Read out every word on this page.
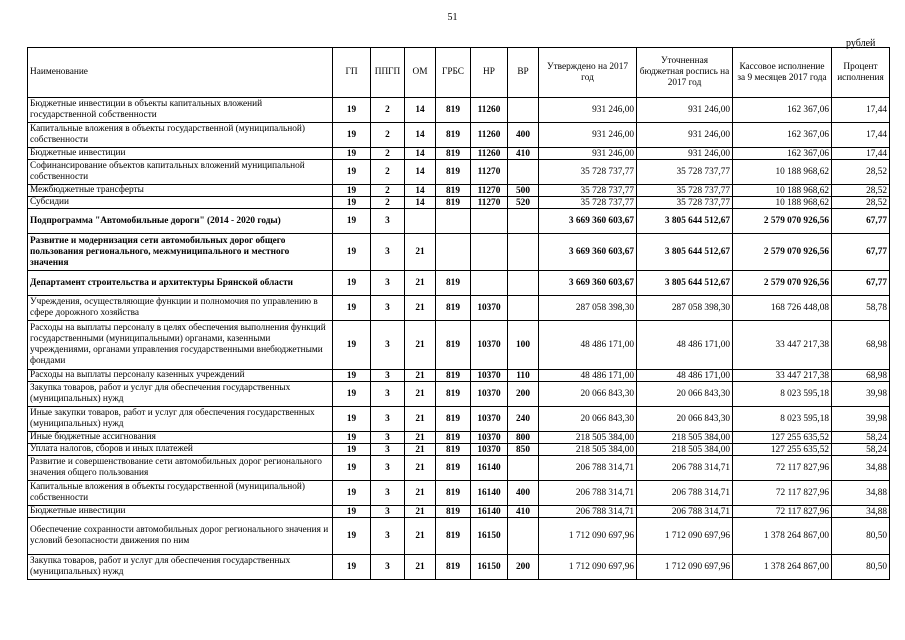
51
рублей
Наименование	ГП	ППГП	ОМ	ГРБС	НР	ВР	Утверждено на 2017 год	Уточненная бюджетная роспись на 2017 год	Кассовое исполнение за 9 месяцев 2017 года	Процент исполнения
Бюджетные инвестиции в объекты капитальных вложений государственной собственности	19	2	14	819	11260		931 246,00	931 246,00	162 367,06	17,44
Капитальные вложения в объекты государственной (муниципальной) собственности	19	2	14	819	11260	400	931 246,00	931 246,00	162 367,06	17,44
Бюджетные инвестиции	19	2	14	819	11260	410	931 246,00	931 246,00	162 367,06	17,44
Софинансирование объектов капитальных вложений муниципальной собственности	19	2	14	819	11270		35 728 737,77	35 728 737,77	10 188 968,62	28,52
Межбюджетные трансферты	19	2	14	819	11270	500	35 728 737,77	35 728 737,77	10 188 968,62	28,52
Субсидии	19	2	14	819	11270	520	35 728 737,77	35 728 737,77	10 188 968,62	28,52
Подпрограмма "Автомобильные дороги" (2014 - 2020 годы)	19	3					3 669 360 603,67	3 805 644 512,67	2 579 070 926,56	67,77
Развитие и модернизация сети автомобильных дорог общего пользования регионального, межмуниципального и местного значения	19	3	21				3 669 360 603,67	3 805 644 512,67	2 579 070 926,56	67,77
Департамент строительства и архитектуры Брянской области	19	3	21	819			3 669 360 603,67	3 805 644 512,67	2 579 070 926,56	67,77
Учреждения, осуществляющие функции и полномочия по управлению в сфере дорожного хозяйства	19	3	21	819	10370		287 058 398,30	287 058 398,30	168 726 448,08	58,78
Расходы на выплаты персоналу в целях обеспечения выполнения функций государственными (муниципальными) органами, казенными учреждениями, органами управления государственными внебюджетными фондами	19	3	21	819	10370	100	48 486 171,00	48 486 171,00	33 447 217,38	68,98
Расходы на выплаты персоналу казенных учреждений	19	3	21	819	10370	110	48 486 171,00	48 486 171,00	33 447 217,38	68,98
Закупка товаров, работ и услуг для обеспечения государственных (муниципальных) нужд	19	3	21	819	10370	200	20 066 843,30	20 066 843,30	8 023 595,18	39,98
Иные закупки товаров, работ и услуг для обеспечения государственных (муниципальных) нужд	19	3	21	819	10370	240	20 066 843,30	20 066 843,30	8 023 595,18	39,98
Иные бюджетные ассигнования	19	3	21	819	10370	800	218 505 384,00	218 505 384,00	127 255 635,52	58,24
Уплата налогов, сборов и иных платежей	19	3	21	819	10370	850	218 505 384,00	218 505 384,00	127 255 635,52	58,24
Развитие и совершенствование сети автомобильных дорог регионального значения общего пользования	19	3	21	819	16140		206 788 314,71	206 788 314,71	72 117 827,96	34,88
Капитальные вложения в объекты государственной (муниципальной) собственности	19	3	21	819	16140	400	206 788 314,71	206 788 314,71	72 117 827,96	34,88
Бюджетные инвестиции	19	3	21	819	16140	410	206 788 314,71	206 788 314,71	72 117 827,96	34,88
Обеспечение сохранности автомобильных дорог регионального значения и условий безопасности движения по ним	19	3	21	819	16150		1 712 090 697,96	1 712 090 697,96	1 378 264 867,00	80,50
Закупка товаров, работ и услуг для обеспечения государственных (муниципальных) нужд	19	3	21	819	16150	200	1 712 090 697,96	1 712 090 697,96	1 378 264 867,00	80,50
